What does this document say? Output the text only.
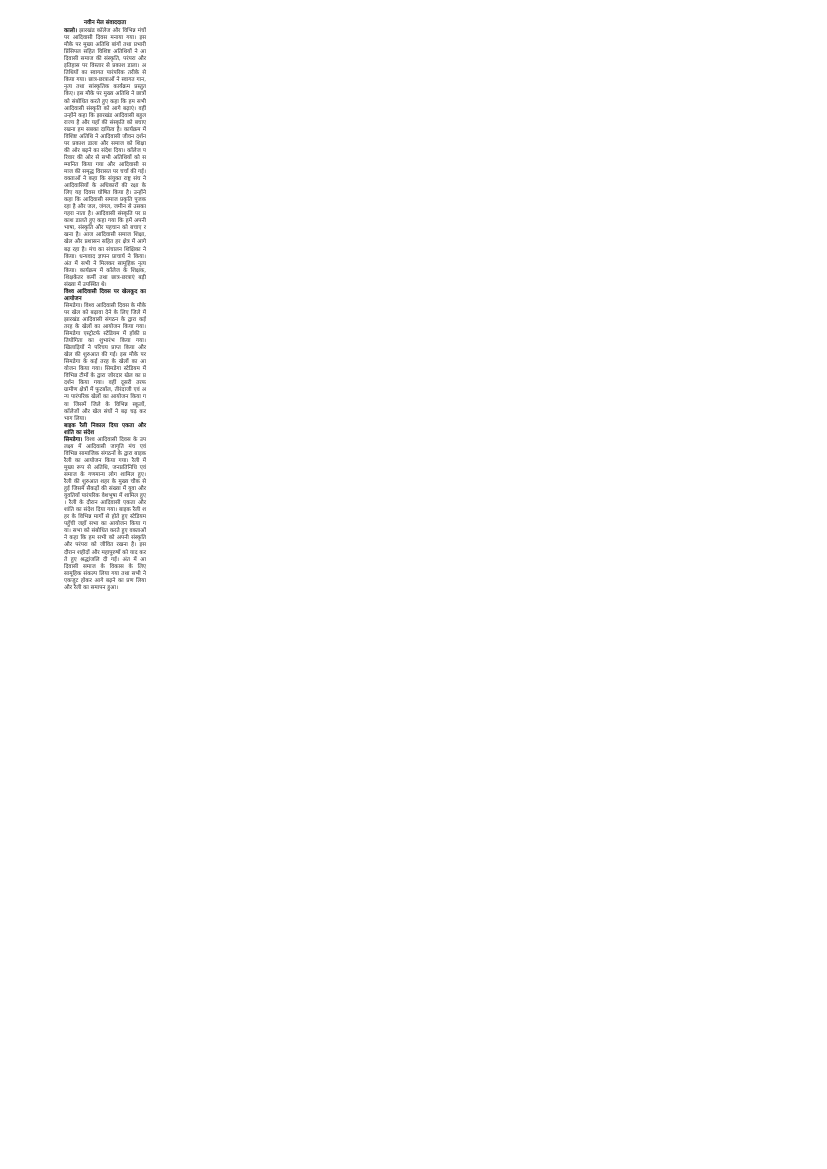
नवीन मेल संवाददाता

कालो। झारखंड कॉलेज और विभिन्न मंचों पर आदिवासी दिवस मनाया गया। इस मौके पर मुख्य अतिथि बांगों तथा प्रभारी प्रिंसिपल सहित विशिष्ट अतिथियों ने आदिवासी समाज की संस्कृति, परंपरा और इतिहास पर विस्तार से प्रकाश डाला। अतिथियों का स्वागत पारंपरिक तरीके से किया गया। छात्र-छात्राओं ने स्वागत गान, नृत्य तथा सांस्कृतिक कार्यक्रम प्रस्तुत किए। इस मौके पर मुख्य अतिथि ने छात्रों को संबोधित करते हुए कहा कि हम सभी आदिवासी संस्कृति को आगे बढ़ाएं। वहीं उन्होंने कहा कि झारखंड आदिवासी बहुल राज्य है और यहाँ की संस्कृति को बचाए रखना हम सबका दायित्व है। कार्यक्रम में विशिष्ट अतिथि ने आदिवासी जीवन दर्शन पर प्रकाश डाला और समाज को शिक्षा की ओर बढ़ने का संदेश दिया। कॉलेज परिवार की ओर से सभी अतिथियों को सम्मानित किया गया और आदिवासी समाज की समृद्ध विरासत पर चर्चा की गई। वक्ताओं ने कहा कि संयुक्त राष्ट्र संघ ने आदिवासियों के अधिकारों की रक्षा के लिए यह दिवस घोषित किया है। उन्होंने कहा कि आदिवासी समाज प्रकृति पूजक रहा है और जल, जंगल, जमीन से उसका गहरा नाता है। आदिवासी संस्कृति पर प्रकाश डालते हुए कहा गया कि हमें अपनी भाषा, संस्कृति और पहचान को बचाए रखना है। आज आदिवासी समाज शिक्षा, खेल और प्रशासन सहित हर क्षेत्र में आगे बढ़ रहा है। मंच का संचालन शिक्षिका ने किया। धन्यवाद ज्ञापन प्राचार्य ने किया। अंत में सभी ने मिलकर सामूहिक नृत्य किया। कार्यक्रम में कॉलेज के शिक्षक, शिक्षकेतर कर्मी तथा छात्र-छात्राएं बड़ी संख्या में उपस्थित थे।

विश्व आदिवासी दिवस पर खेलकूद का आयोजन

सिमडेगा। विश्व आदिवासी दिवस के मौके पर खेल को बढ़ावा देने के लिए जिले में झारखंड आदिवासी संगठन के द्वारा कई तरह के खेलों का आयोजन किया गया। सिमडेगा एस्ट्रोटर्फ स्टेडियम में हॉकी प्रतियोगिता का शुभारंभ किया गया। खिलाड़ियों ने परिचय प्राप्त किया और खेल की शुरुआत की गई। इस मौके पर सिमडेगा के कई तरह के खेलों का आयोजन किया गया। सिमडेगा स्टेडियम में विभिन्न टीमों के द्वारा जोरदार खेल का प्रदर्शन किया गया। वहीं दूसरी तरफ ग्रामीण क्षेत्रों में फुटबॉल, तीरंदाजी एवं अन्य पारंपरिक खेलों का आयोजन किया गया जिसमें जिले के विभिन्न स्कूलों, कॉलेजों और खेल संघों ने बढ़ चढ़ कर भाग लिया।

बाइक रैली निकाल दिया एकता और शांति का संदेश

सिमडेगा। विश्व आदिवासी दिवस के उपलक्ष्य में आदिवासी जागृति मंच एवं विभिन्न सामाजिक संगठनों के द्वारा बाइक रैली का आयोजन किया गया। रैली में मुख्य रूप से अतिथि, जनप्रतिनिधि एवं समाज के गणमान्य लोग शामिल हुए। रैली की शुरुआत शहर के मुख्य चौक से हुई जिसमें सैकड़ों की संख्या में युवा और युवतियाँ पारंपरिक वेशभूषा में शामिल हुए। रैली के दौरान आदिवासी एकता और शांति का संदेश दिया गया। बाइक रैली शहर के विभिन्न मार्गों से होते हुए स्टेडियम पहुँची जहाँ सभा का आयोजन किया गया। सभा को संबोधित करते हुए वक्ताओं ने कहा कि हम सभी को अपनी संस्कृति और परंपरा को जीवित रखना है। इस दौरान शहीदों और महापुरुषों को याद करते हुए श्रद्धांजलि दी गई। अंत में आदिवासी समाज के विकास के लिए सामूहिक संकल्प लिया गया तथा सभी ने एकजुट होकर आगे बढ़ने का प्रण लिया और रैली का समापन हुआ।
